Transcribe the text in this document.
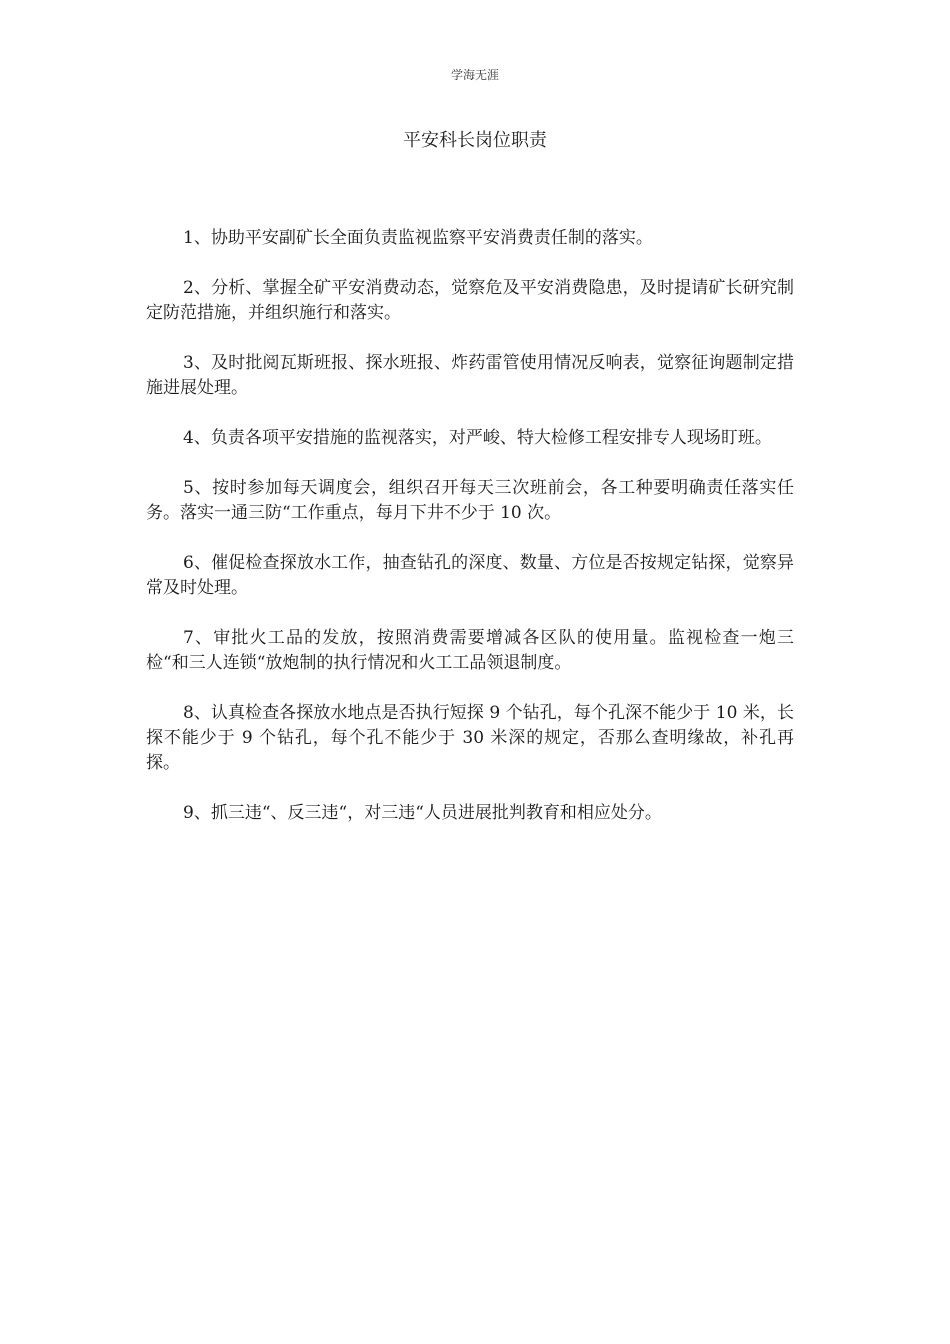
学海无涯
平安科长岗位职责

1、协助平安副矿长全面负责监视监察平安消费责任制的落实。

2、分析、掌握全矿平安消费动态，觉察危及平安消费隐患，及时提请矿长研究制定防范措施，并组织施行和落实。

3、及时批阅瓦斯班报、探水班报、炸药雷管使用情况反响表，觉察征询题制定措施进展处理。

4、负责各项平安措施的监视落实，对严峻、特大检修工程安排专人现场盯班。

5、按时参加每天调度会，组织召开每天三次班前会，各工种要明确责任落实任务。落实一通三防“工作重点，每月下井不少于 10 次。

6、催促检查探放水工作，抽查钻孔的深度、数量、方位是否按规定钻探，觉察异常及时处理。

7、审批火工品的发放，按照消费需要增减各区队的使用量。监视检查一炮三检“和三人连锁“放炮制的执行情况和火工工品领退制度。

8、认真检查各探放水地点是否执行短探 9 个钻孔，每个孔深不能少于 10 米，长探不能少于 9 个钻孔，每个孔不能少于 30 米深的规定，否那么查明缘故，补孔再探。

9、抓三违“、反三违“，对三违“人员进展批判教育和相应处分。
